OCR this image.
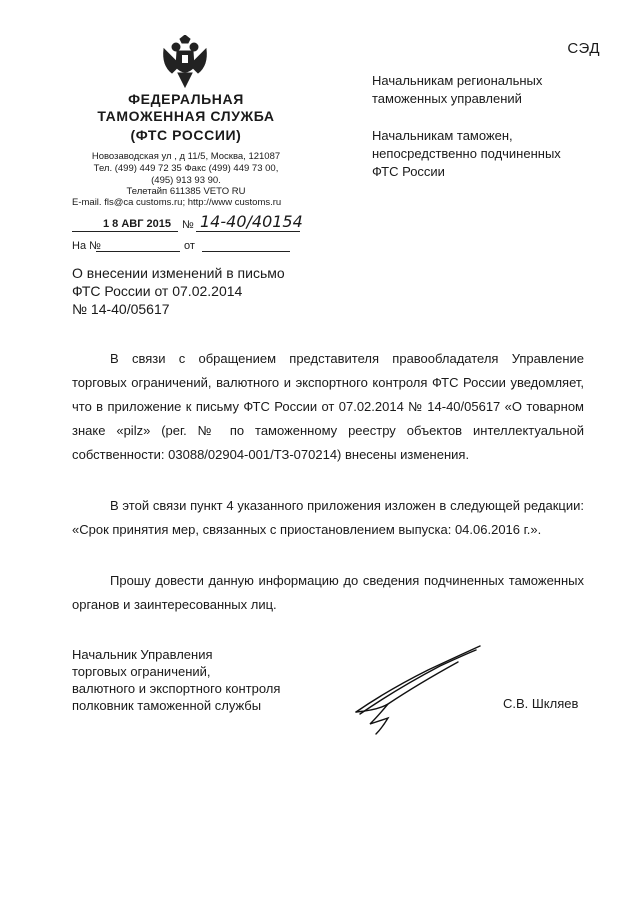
СЭД
ФЕДЕРАЛЬНАЯ
ТАМОЖЕННАЯ СЛУЖБА
(ФТС РОССИИ)
Новозаводская ул , д 11/5, Москва, 121087
Тел. (499) 449 72 35 Факс (499) 449 73 00,
(495) 913 93 90.
Телетайп 611385 VETO RU
E-mail. fls@ca customs.ru; http://www customs.ru
1 8 АВГ 2015 № 14-40/40154
На №	от
Начальникам региональных
таможенных управлений
Начальникам таможен,
непосредственно подчиненных
ФТС России
О внесении изменений в письмо
ФТС России от 07.02.2014
№ 14-40/05617
В связи с обращением представителя правообладателя Управление торговых ограничений, валютного и экспортного контроля ФТС России уведомляет, что в приложение к письму ФТС России от 07.02.2014 № 14-40/05617 «О товарном знаке «pilz» (рег. № по таможенному реестру объектов интеллектуальной собственности: 03088/02904-001/ТЗ-070214) внесены изменения.
В этой связи пункт 4 указанного приложения изложен в следующей редакции: «Срок принятия мер, связанных с приостановлением выпуска: 04.06.2016 г.».
Прошу довести данную информацию до сведения подчиненных таможенных органов и заинтересованных лиц.
Начальник Управления
торговых ограничений,
валютного и экспортного контроля
полковник таможенной службы	С.В. Шкляев
